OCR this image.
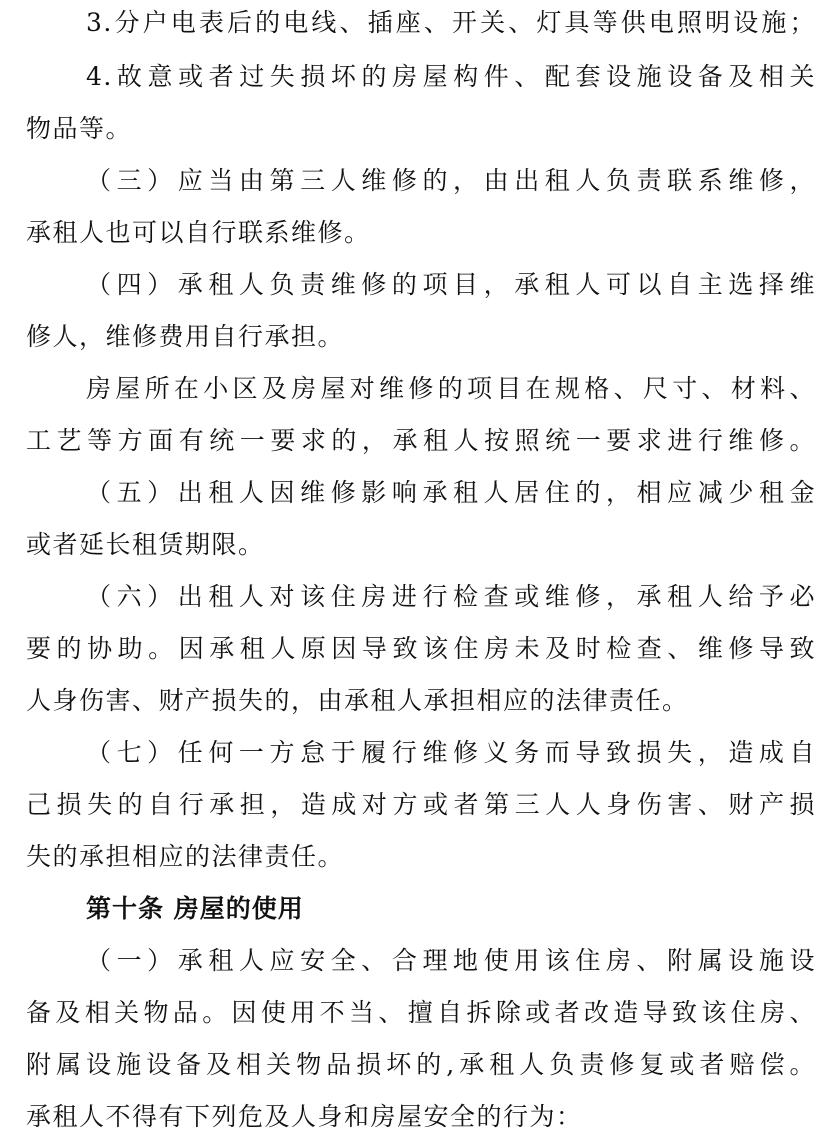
3.分户电表后的电线、插座、开关、灯具等供电照明设施；
4.故意或者过失损坏的房屋构件、配套设施设备及相关
物品等。
（三）应当由第三人维修的，由出租人负责联系维修，
承租人也可以自行联系维修。
（四）承租人负责维修的项目，承租人可以自主选择维
修人，维修费用自行承担。
房屋所在小区及房屋对维修的项目在规格、尺寸、材料、
工艺等方面有统一要求的，承租人按照统一要求进行维修。
（五）出租人因维修影响承租人居住的，相应减少租金
或者延长租赁期限。
（六）出租人对该住房进行检查或维修，承租人给予必
要的协助。因承租人原因导致该住房未及时检查、维修导致
人身伤害、财产损失的，由承租人承担相应的法律责任。
（七）任何一方怠于履行维修义务而导致损失，造成自
己损失的自行承担，造成对方或者第三人人身伤害、财产损
失的承担相应的法律责任。
第十条 房屋的使用
（一）承租人应安全、合理地使用该住房、附属设施设
备及相关物品。因使用不当、擅自拆除或者改造导致该住房、
附属设施设备及相关物品损坏的,承租人负责修复或者赔偿。
承租人不得有下列危及人身和房屋安全的行为：
